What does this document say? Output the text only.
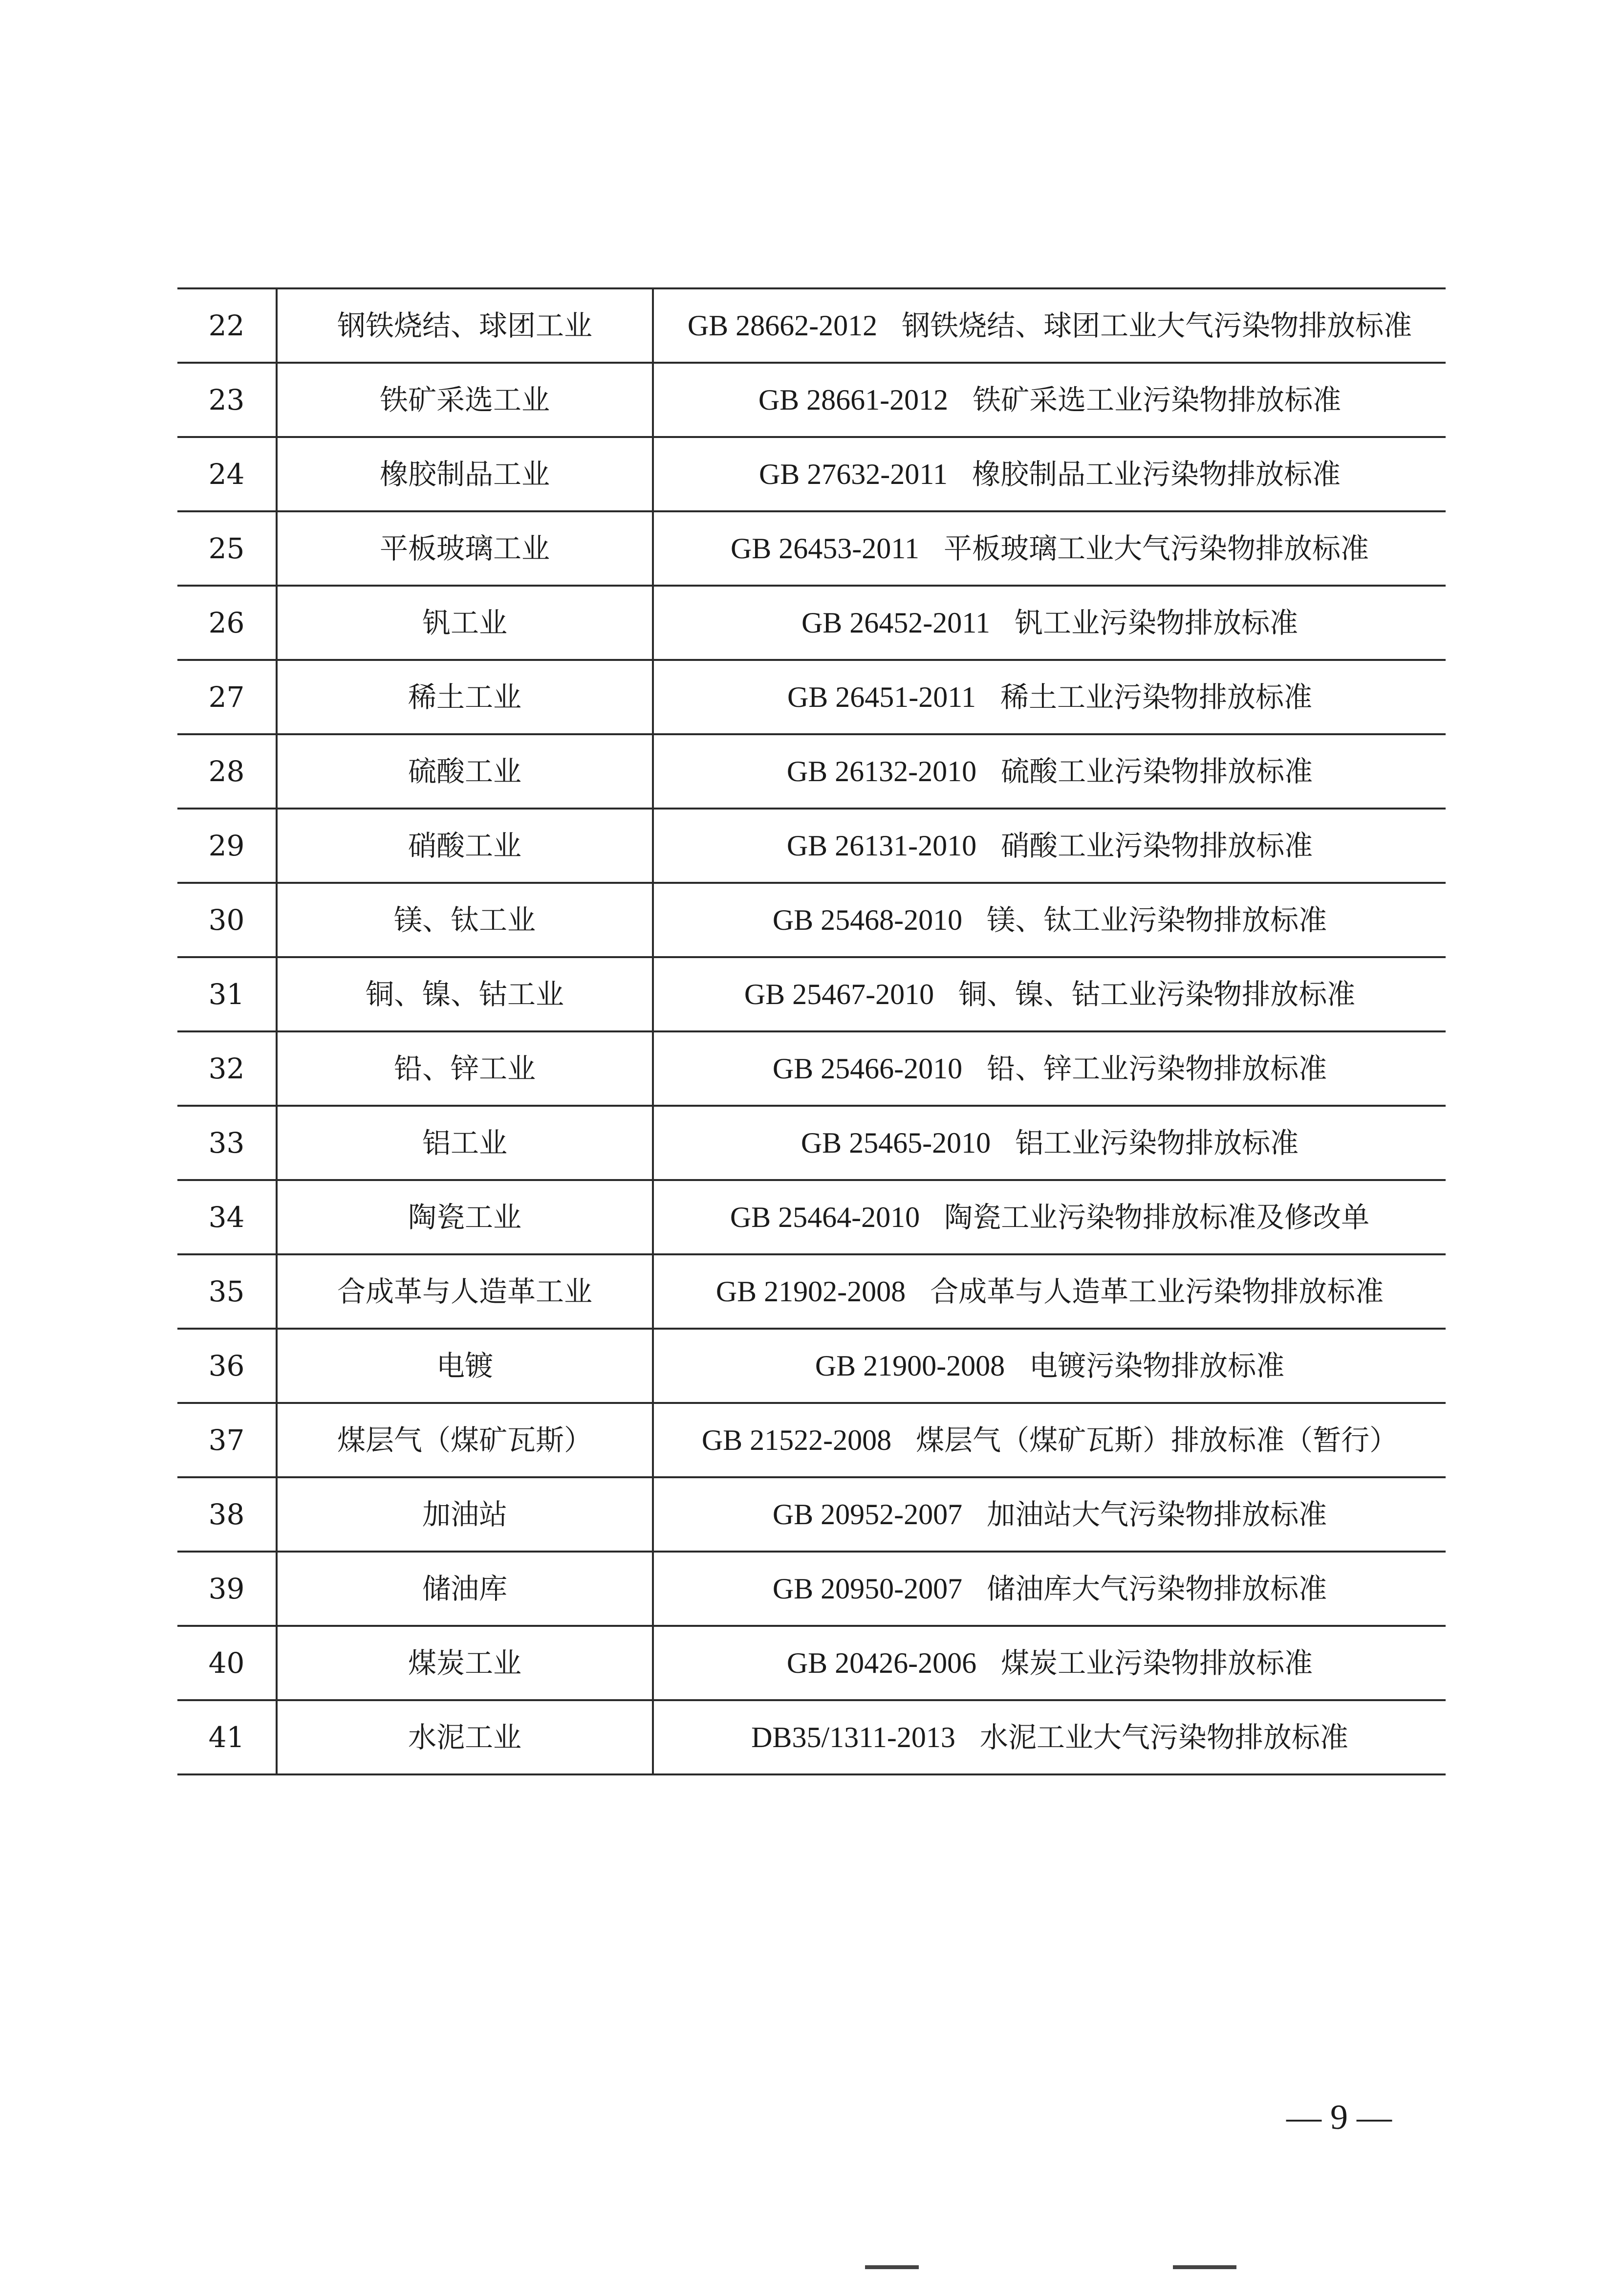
22	钢铁烧结、球团工业	GB 28662-2012 钢铁烧结、球团工业大气污染物排放标准
23	铁矿采选工业	GB 28661-2012 铁矿采选工业污染物排放标准
24	橡胶制品工业	GB 27632-2011 橡胶制品工业污染物排放标准
25	平板玻璃工业	GB 26453-2011 平板玻璃工业大气污染物排放标准
26	钒工业	GB 26452-2011 钒工业污染物排放标准
27	稀土工业	GB 26451-2011 稀土工业污染物排放标准
28	硫酸工业	GB 26132-2010 硫酸工业污染物排放标准
29	硝酸工业	GB 26131-2010 硝酸工业污染物排放标准
30	镁、钛工业	GB 25468-2010 镁、钛工业污染物排放标准
31	铜、镍、钴工业	GB 25467-2010 铜、镍、钴工业污染物排放标准
32	铅、锌工业	GB 25466-2010 铅、锌工业污染物排放标准
33	铝工业	GB 25465-2010 铝工业污染物排放标准
34	陶瓷工业	GB 25464-2010 陶瓷工业污染物排放标准及修改单
35	合成革与人造革工业	GB 21902-2008 合成革与人造革工业污染物排放标准
36	电镀	GB 21900-2008 电镀污染物排放标准
37	煤层气（煤矿瓦斯）	GB 21522-2008 煤层气（煤矿瓦斯）排放标准（暂行）
38	加油站	GB 20952-2007 加油站大气污染物排放标准
39	储油库	GB 20950-2007 储油库大气污染物排放标准
40	煤炭工业	GB 20426-2006 煤炭工业污染物排放标准
41	水泥工业	DB35/1311-2013 水泥工业大气污染物排放标准
— 9 —
